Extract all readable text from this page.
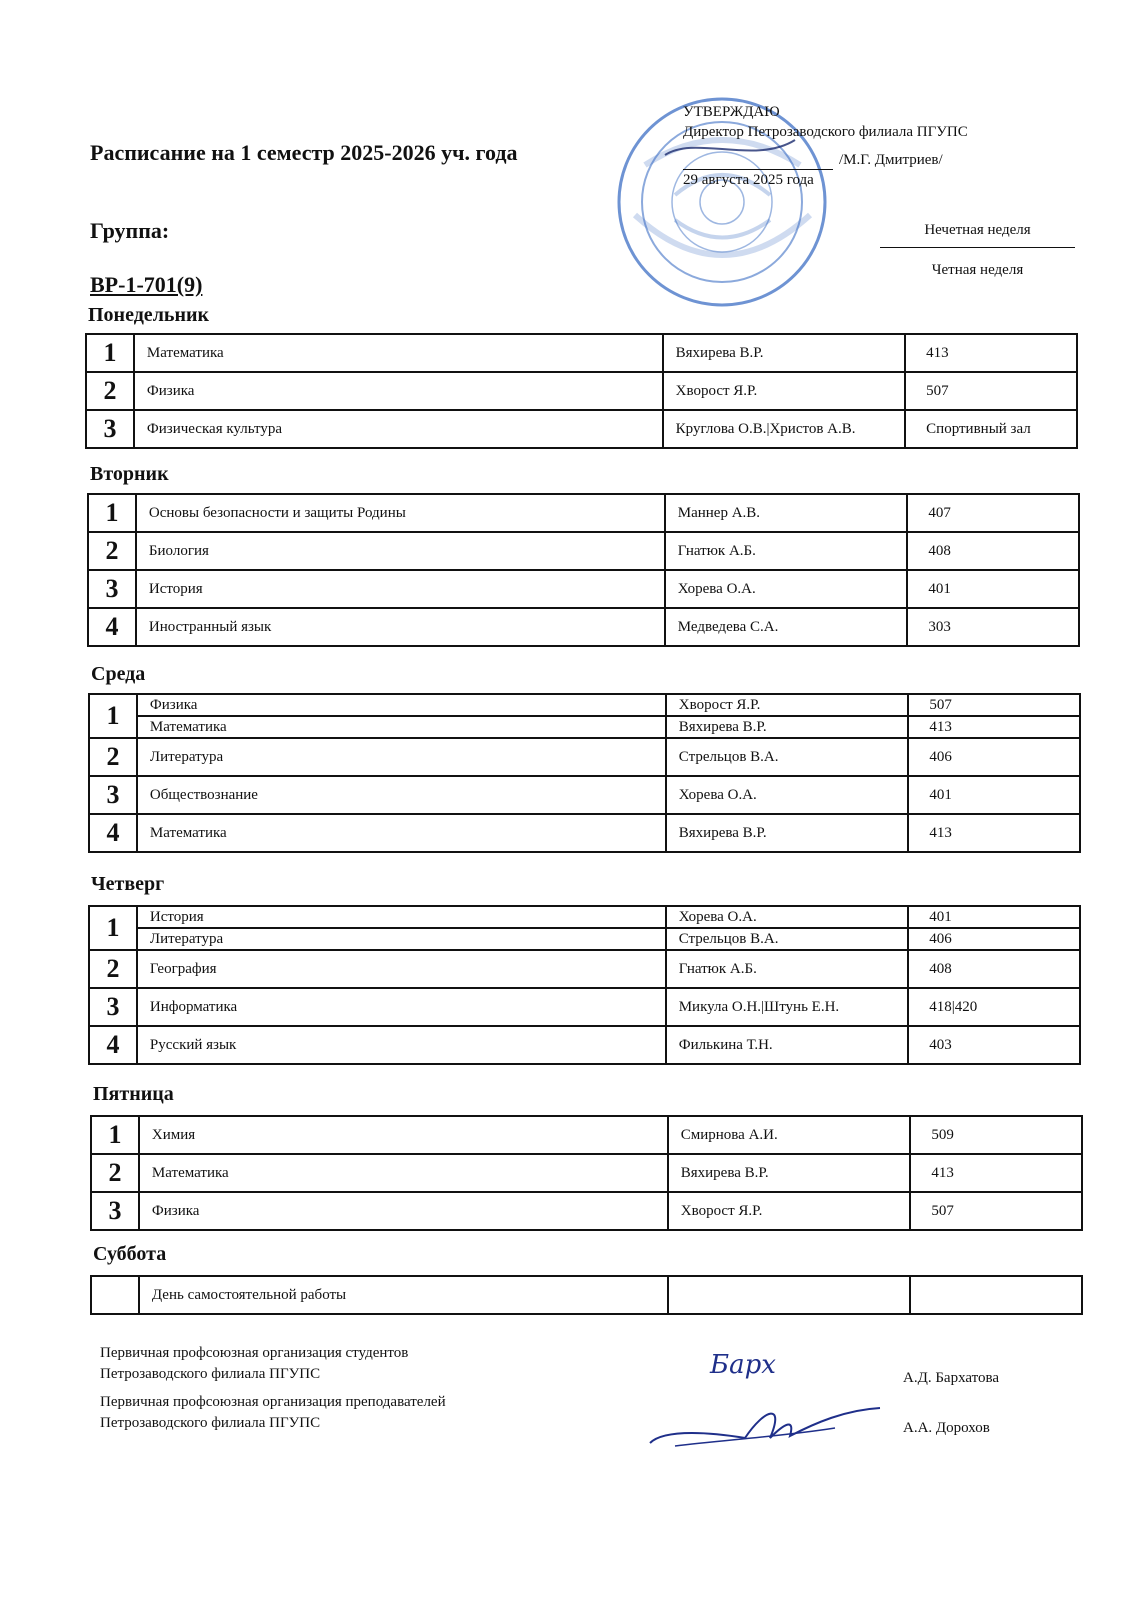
Расписание на 1 семестр 2025-2026 уч. года
Группа:
ВР-1-701(9)
УТВЕРЖДАЮ
Директор Петрозаводского филиала ПГУПС
/М.Г. Дмитриев/
29 августа 2025 года
Нечетная неделя
Четная неделя
Понедельник
1	Математика	Вяхирева В.Р.	413
2	Физика	Хворост Я.Р.	507
3	Физическая культура	Круглова О.В.|Христов А.В.	Спортивный зал
Вторник
1	Основы безопасности и защиты Родины	Маннер А.В.	407
2	Биология	Гнатюк А.Б.	408
3	История	Хорева О.А.	401
4	Иностранный язык	Медведева С.А.	303
Среда
1	Физика	Хворост Я.Р.	507
	Математика	Вяхирева В.Р.	413
2	Литература	Стрельцов В.А.	406
3	Обществознание	Хорева О.А.	401
4	Математика	Вяхирева В.Р.	413
Четверг
1	История	Хорева О.А.	401
	Литература	Стрельцов В.А.	406
2	География	Гнатюк А.Б.	408
3	Информатика	Микула О.Н.|Штунь Е.Н.	418|420
4	Русский язык	Филькина Т.Н.	403
Пятница
1	Химия	Смирнова А.И.	509
2	Математика	Вяхирева В.Р.	413
3	Физика	Хворост Я.Р.	507
Суббота
	День самостоятельной работы		
Первичная профсоюзная организация студентов
Петрозаводского филиала ПГУПС
Первичная профсоюзная организация преподавателей
Петрозаводского филиала ПГУПС
Барх	А.Д. Бархатова
А.А. Дорохов
